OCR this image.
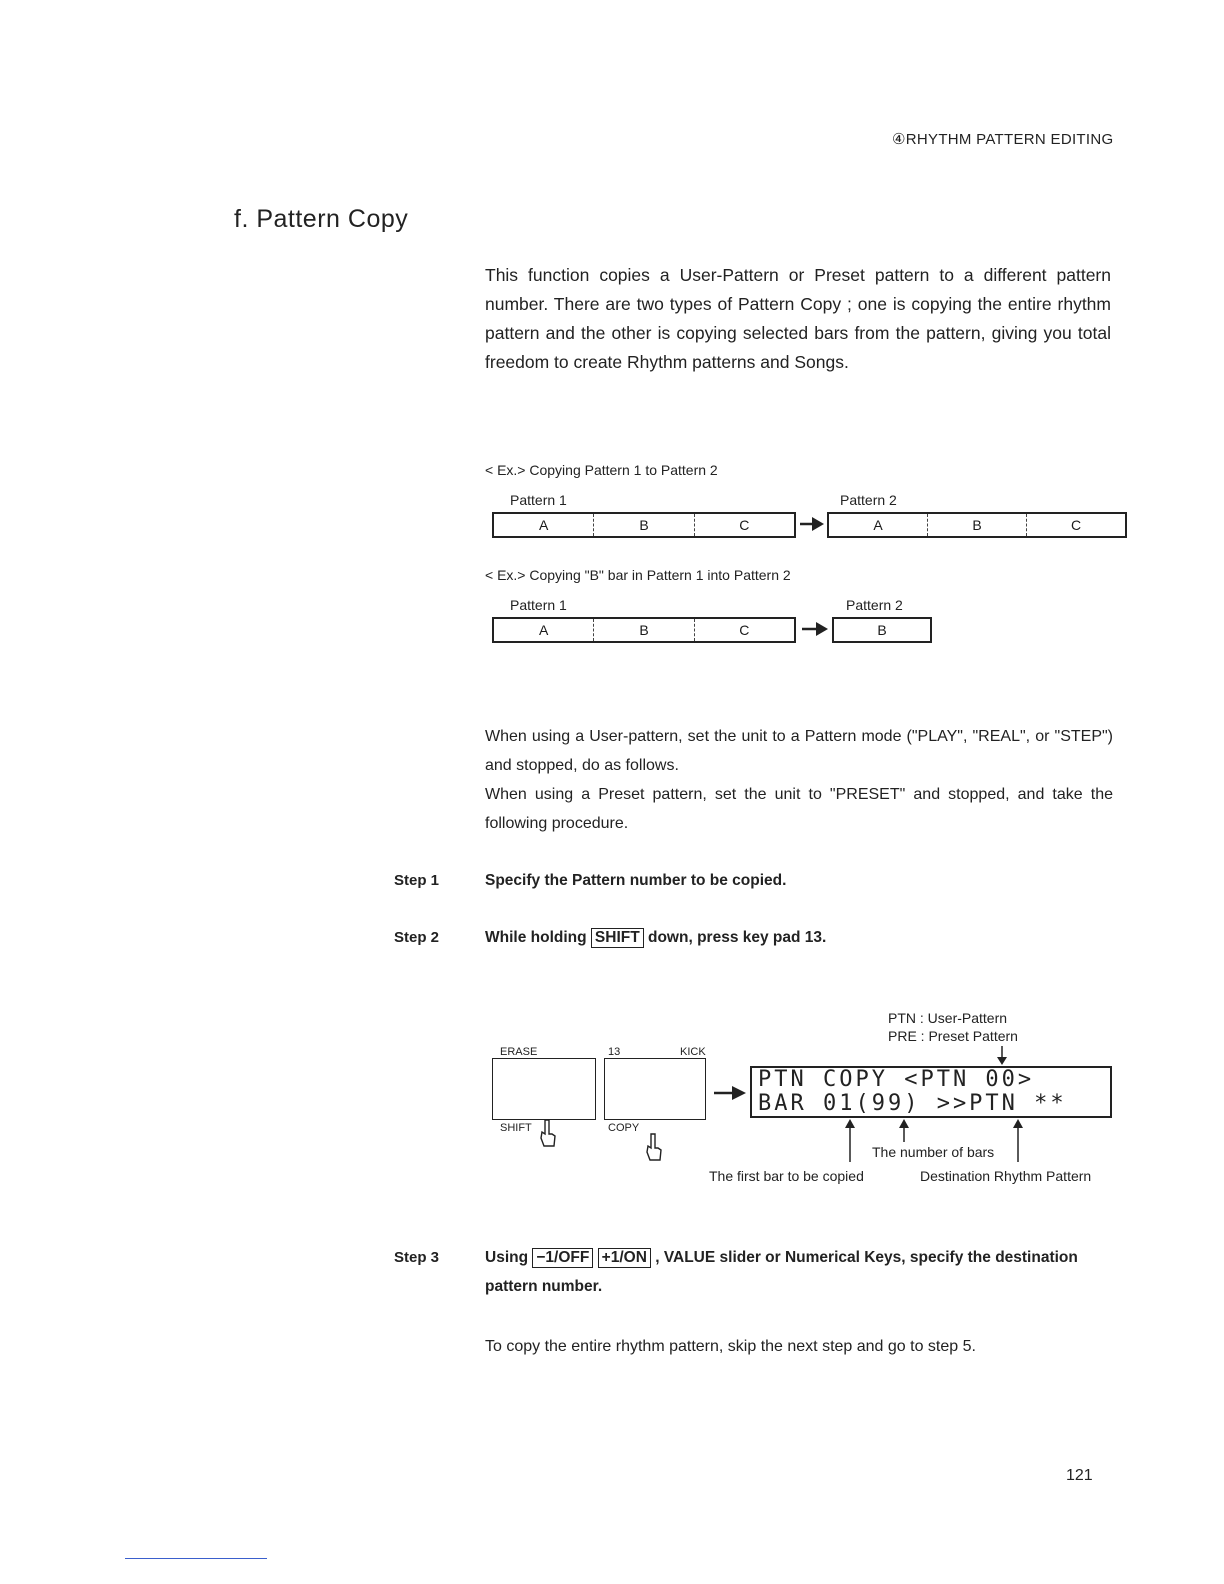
④RHYTHM PATTERN EDITING
f. Pattern Copy
This function copies a User-Pattern or Preset pattern to a different pattern number. There are two types of Pattern Copy ; one is copying the entire rhythm pattern and the other is copying selected bars from the pattern, giving you total freedom to create Rhythm patterns and Songs.
< Ex.> Copying Pattern 1 to Pattern 2
Pattern 1	Pattern 2
A	B	C	A	B	C
< Ex.> Copying "B" bar in Pattern 1 into Pattern 2
Pattern 1	Pattern 2
A	B	C	B
When using a User-pattern, set the unit to a Pattern mode ("PLAY", "REAL", or "STEP") and stopped, do as follows.
When using a Preset pattern, set the unit to "PRESET" and stopped, and take the following procedure.
Step 1	Specify the Pattern number to be copied.
Step 2	While holding SHIFT down, press key pad 13.
PTN : User-Pattern
PRE : Preset Pattern
ERASE
SHIFT
13	KICK
COPY
PTN COPY <PTN 00>
BAR 01(99) >>PTN **
The number of bars
The first bar to be copied	Destination Rhythm Pattern
Step 3	Using −1/OFF +1/ON , VALUE slider or Numerical Keys, specify the destination pattern number.
To copy the entire rhythm pattern, skip the next step and go to step 5.
121
